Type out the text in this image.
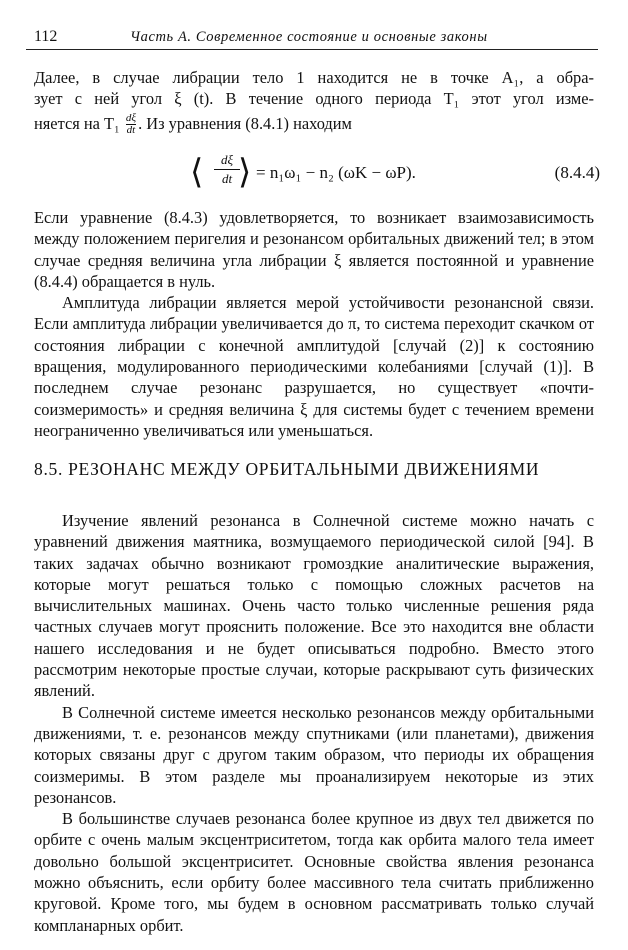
112	Часть А. Современное состояние и основные законы

Далее, в случае либрации тело 1 находится не в точке A₁, а обра-

зует с ней угол ξ (t). В течение одного периода T₁ этот угол изме-

няется на $T_1 \frac{d\xi}{dt}$ . Из уравнения (8.4.1) находим

⟨	dξ
dt ⟩ = n₁ω₁ − n₂ (ωK − ωP).	(8.4.4)

Если уравнение (8.4.3) удовлетворяется, то возникает взаимозависимость между положением перигелия и резонансом орбитальных движений тел; в этом случае средняя величина угла либрации ξ является постоянной и уравнение (8.4.4) обращается в нуль.

Амплитуда либрации является мерой устойчивости резонансной связи. Если амплитуда либрации увеличивается до π, то система переходит скачком от состояния либрации с конечной амплитудой [случай (2)] к состоянию вращения, модулированного периодическими колебаниями [случай (1)]. В последнем случае резонанс разрушается, но существует «почти-соизмеримость» и средняя величина ξ для системы будет с течением времени неограниченно увеличиваться или уменьшаться.

8.5. РЕЗОНАНС МЕЖДУ ОРБИТАЛЬНЫМИ ДВИЖЕНИЯМИ

Изучение явлений резонанса в Солнечной системе можно начать с уравнений движения маятника, возмущаемого периодической силой [94]. В таких задачах обычно возникают громоздкие аналитические выражения, которые могут решаться только с помощью сложных расчетов на вычислительных машинах. Очень часто только численные решения ряда частных случаев могут прояснить положение. Все это находится вне области нашего исследования и не будет описываться подробно. Вместо этого рассмотрим некоторые простые случаи, которые раскрывают суть физических явлений.

В Солнечной системе имеется несколько резонансов между орбитальными движениями, т. е. резонансов между спутниками (или планетами), движения которых связаны друг с другом таким образом, что периоды их обращения соизмеримы. В этом разделе мы проанализируем некоторые из этих резонансов.

В большинстве случаев резонанса более крупное из двух тел движется по орбите с очень малым эксцентриситетом, тогда как орбита малого тела имеет довольно большой эксцентриситет. Основные свойства явления резонанса можно объяснить, если орбиту более массивного тела считать приближенно круговой. Кроме того, мы будем в основном рассматривать только случай компланарных орбит.
